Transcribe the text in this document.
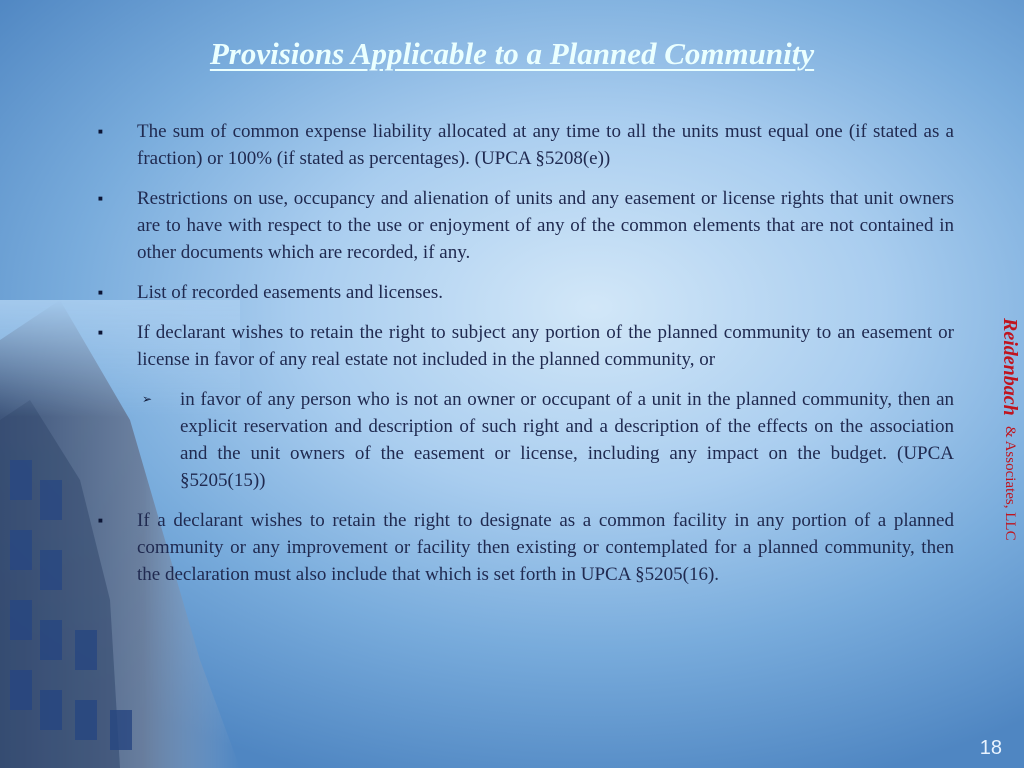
Provisions Applicable to a Planned Community
■	The sum of common expense liability allocated at any time to all the units must equal one (if stated as a fraction) or 100% (if stated as percentages). (UPCA §5208(e))
■	Restrictions on use, occupancy and alienation of units and any easement or license rights that unit owners are to have with respect to the use or enjoyment of any of the common elements that are not contained in other documents which are recorded, if any.
■	List of recorded easements and licenses.
■	If declarant wishes to retain the right to subject any portion of the planned community to an easement or license in favor of any real estate not included in the planned community, or
➢	in favor of any person who is not an owner or occupant of a unit in the planned community, then an explicit reservation and description of such right and a description of the effects on the association and the unit owners of the easement or license, including any impact on the budget. (UPCA §5205(15))
■	If a declarant wishes to retain the right to designate as a common facility in any portion of a planned community or any improvement or facility then existing or contemplated for a planned community, then the declaration must also include that which is set forth in UPCA §5205(16).
Reidenbach & Associates, LLC
18
